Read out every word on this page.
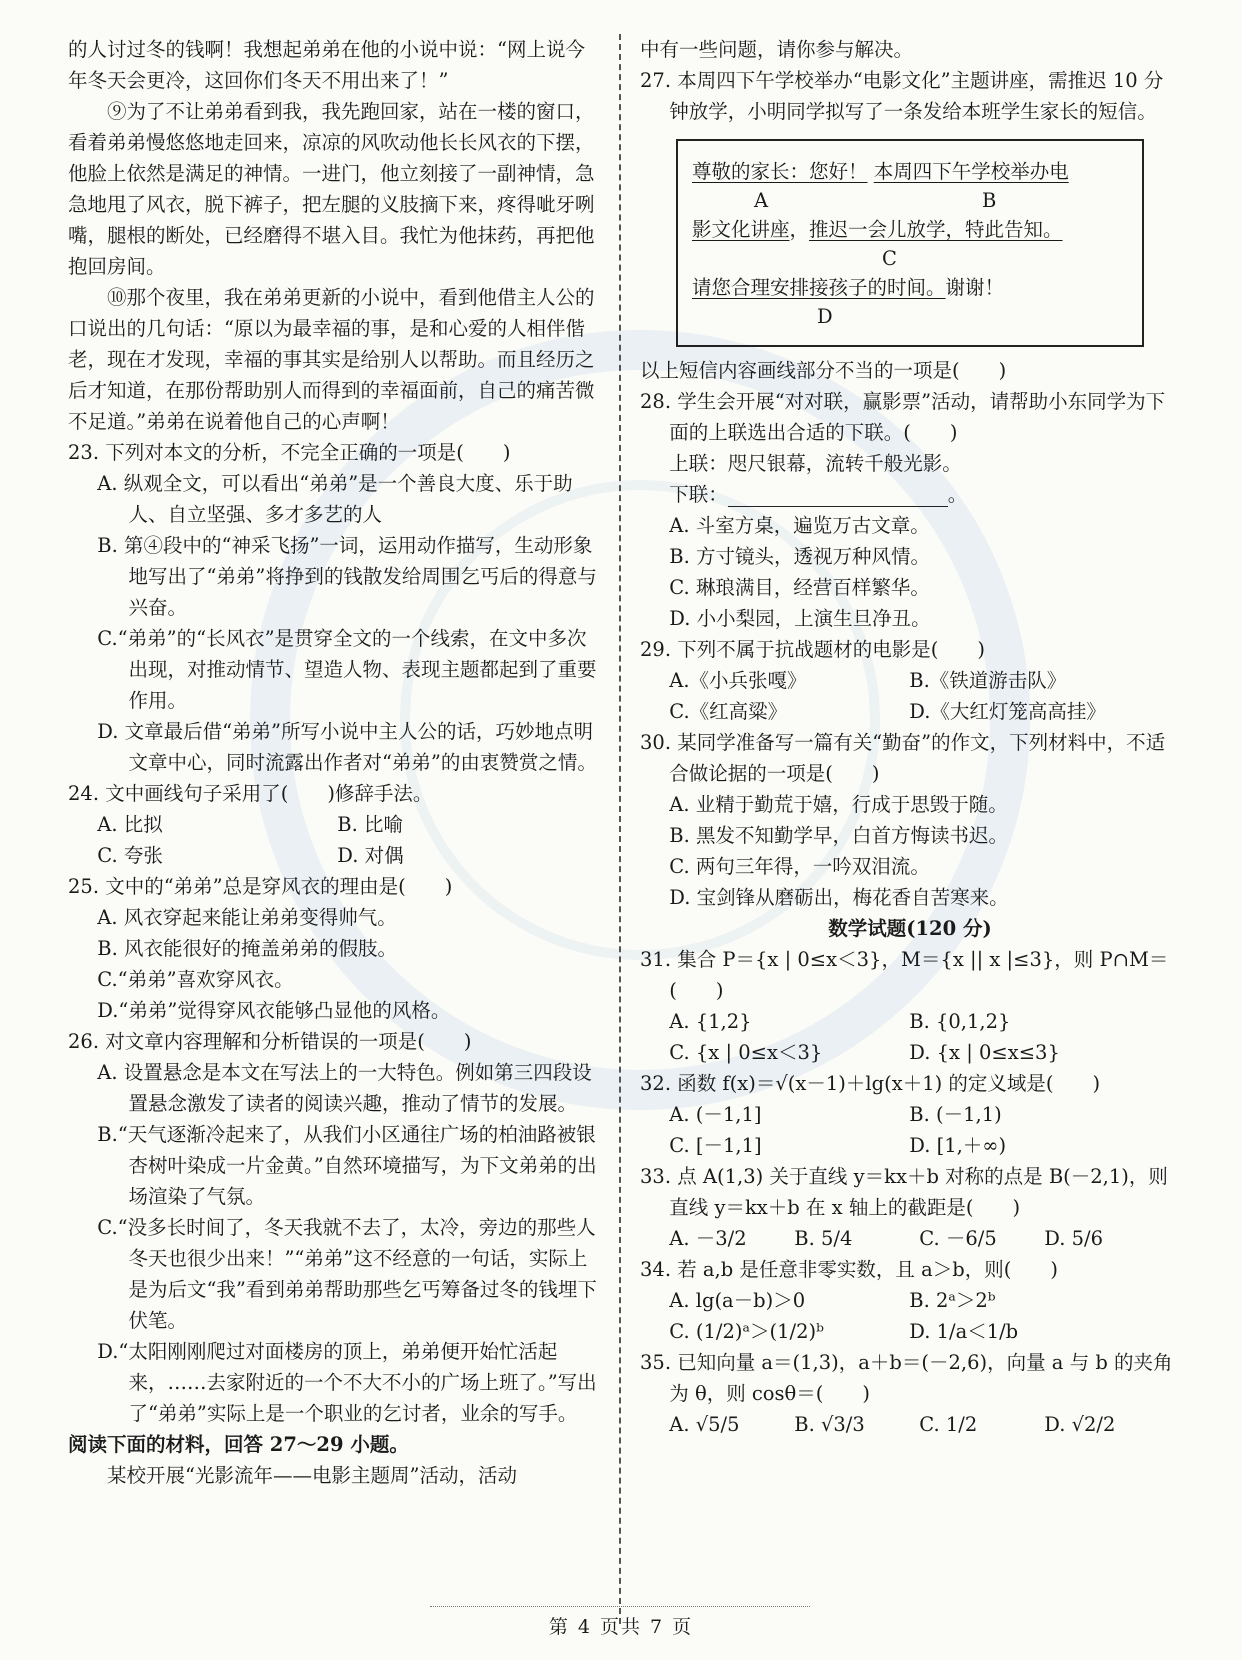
的人讨过冬的钱啊！我想起弟弟在他的小说中说：“网上说今年冬天会更冷，这回你们冬天不用出来了！”

⑨为了不让弟弟看到我，我先跑回家，站在一楼的窗口，看着弟弟慢悠悠地走回来，凉凉的风吹动他长长风衣的下摆，他脸上依然是满足的神情。一进门，他立刻接了一副神情，急急地甩了风衣，脱下裤子，把左腿的义肢摘下来，疼得呲牙咧嘴，腿根的断处，已经磨得不堪入目。我忙为他抹药，再把他抱回房间。

⑩那个夜里，我在弟弟更新的小说中，看到他借主人公的口说出的几句话：“原以为最幸福的事，是和心爱的人相伴偕老，现在才发现，幸福的事其实是给别人以帮助。而且经历之后才知道，在那份帮助别人而得到的幸福面前，自己的痛苦微不足道。”弟弟在说着他自己的心声啊！

23. 下列对本文的分析，不完全正确的一项是(　　)

A. 纵观全文，可以看出“弟弟”是一个善良大度、乐于助人、自立坚强、多才多艺的人

B. 第④段中的“神采飞扬”一词，运用动作描写，生动形象地写出了“弟弟”将挣到的钱散发给周围乞丐后的得意与兴奋。

C.“弟弟”的“长风衣”是贯穿全文的一个线索，在文中多次出现，对推动情节、望造人物、表现主题都起到了重要作用。

D. 文章最后借“弟弟”所写小说中主人公的话，巧妙地点明文章中心，同时流露出作者对“弟弟”的由衷赞赏之情。

24. 文中画线句子采用了(　　)修辞手法。

A. 比拟	B. 比喻
C. 夸张	D. 对偶

25. 文中的“弟弟”总是穿风衣的理由是(　　)

A. 风衣穿起来能让弟弟变得帅气。

B. 风衣能很好的掩盖弟弟的假肢。

C.“弟弟”喜欢穿风衣。

D.“弟弟”觉得穿风衣能够凸显他的风格。

26. 对文章内容理解和分析错误的一项是(　　)

A. 设置悬念是本文在写法上的一大特色。例如第三四段设置悬念激发了读者的阅读兴趣，推动了情节的发展。

B.“天气逐渐冷起来了，从我们小区通往广场的柏油路被银杏树叶染成一片金黄。”自然环境描写，为下文弟弟的出场渲染了气氛。

C.“没多长时间了，冬天我就不去了，太冷，旁边的那些人冬天也很少出来！”“弟弟”这不经意的一句话，实际上是为后文“我”看到弟弟帮助那些乞丐筹备过冬的钱埋下伏笔。

D.“太阳刚刚爬过对面楼房的顶上，弟弟便开始忙活起来，……去家附近的一个不大不小的广场上班了。”写出了“弟弟”实际上是一个职业的乞讨者，业余的写手。

阅读下面的材料，回答 27～29 小题。

某校开展“光影流年——电影主题周”活动，活动

中有一些问题，请你参与解决。

27. 本周四下午学校举办“电影文化”主题讲座，需推迟 10 分钟放学，小明同学拟写了一条发给本班学生家长的短信。

尊敬的家长：您好！ 本周四下午学校举办电
A	B
影文化讲座，推迟一会儿放学，特此告知。
C
请您合理安排接孩子的时间。谢谢！
D

以上短信内容画线部分不当的一项是(　　)

28. 学生会开展“对对联，赢影票”活动，请帮助小东同学为下面的上联选出合适的下联。(　　)

上联：咫尺银幕，流转千般光影。

下联：	。

A. 斗室方桌，遍览万古文章。

B. 方寸镜头，透视万种风情。

C. 琳琅满目，经营百样繁华。

D. 小小梨园，上演生旦净丑。

29. 下列不属于抗战题材的电影是(　　)

A.《小兵张嘎》	B.《铁道游击队》
C.《红高粱》	D.《大红灯笼高高挂》

30. 某同学准备写一篇有关“勤奋”的作文，下列材料中，不适合做论据的一项是(　　)

A. 业精于勤荒于嬉，行成于思毁于随。

B. 黑发不知勤学早，白首方悔读书迟。

C. 两句三年得，一吟双泪流。

D. 宝剑锋从磨砺出，梅花香自苦寒来。

数学试题(120 分)

31. 集合 P＝{x | 0≤x＜3}，M＝{x || x |≤3}，则 P∩M＝(　　)

A. {1,2}	B. {0,1,2}
C. {x | 0≤x＜3}	D. {x | 0≤x≤3}

32. 函数 f(x)＝√(x－1)＋lg(x＋1) 的定义域是(　　)

A. (－1,1]	B. (－1,1)
C. [－1,1]	D. [1,＋∞)

33. 点 A(1,3) 关于直线 y＝kx＋b 对称的点是 B(－2,1)，则直线 y＝kx＋b 在 x 轴上的截距是(　　)

A. －3/2	B. 5/4	C. －6/5	D. 5/6

34. 若 a,b 是任意非零实数，且 a＞b，则(　　)

A. lg(a－b)＞0	B. 2ᵃ＞2ᵇ
C. (1/2)ᵃ＞(1/2)ᵇ	D. 1/a＜1/b

35. 已知向量 a＝(1,3)，a＋b＝(－2,6)，向量 a 与 b 的夹角为 θ，则 cosθ＝(　　)

A. √5/5	B. √3/3	C. 1/2	D. √2/2
第 4 页共 7 页
